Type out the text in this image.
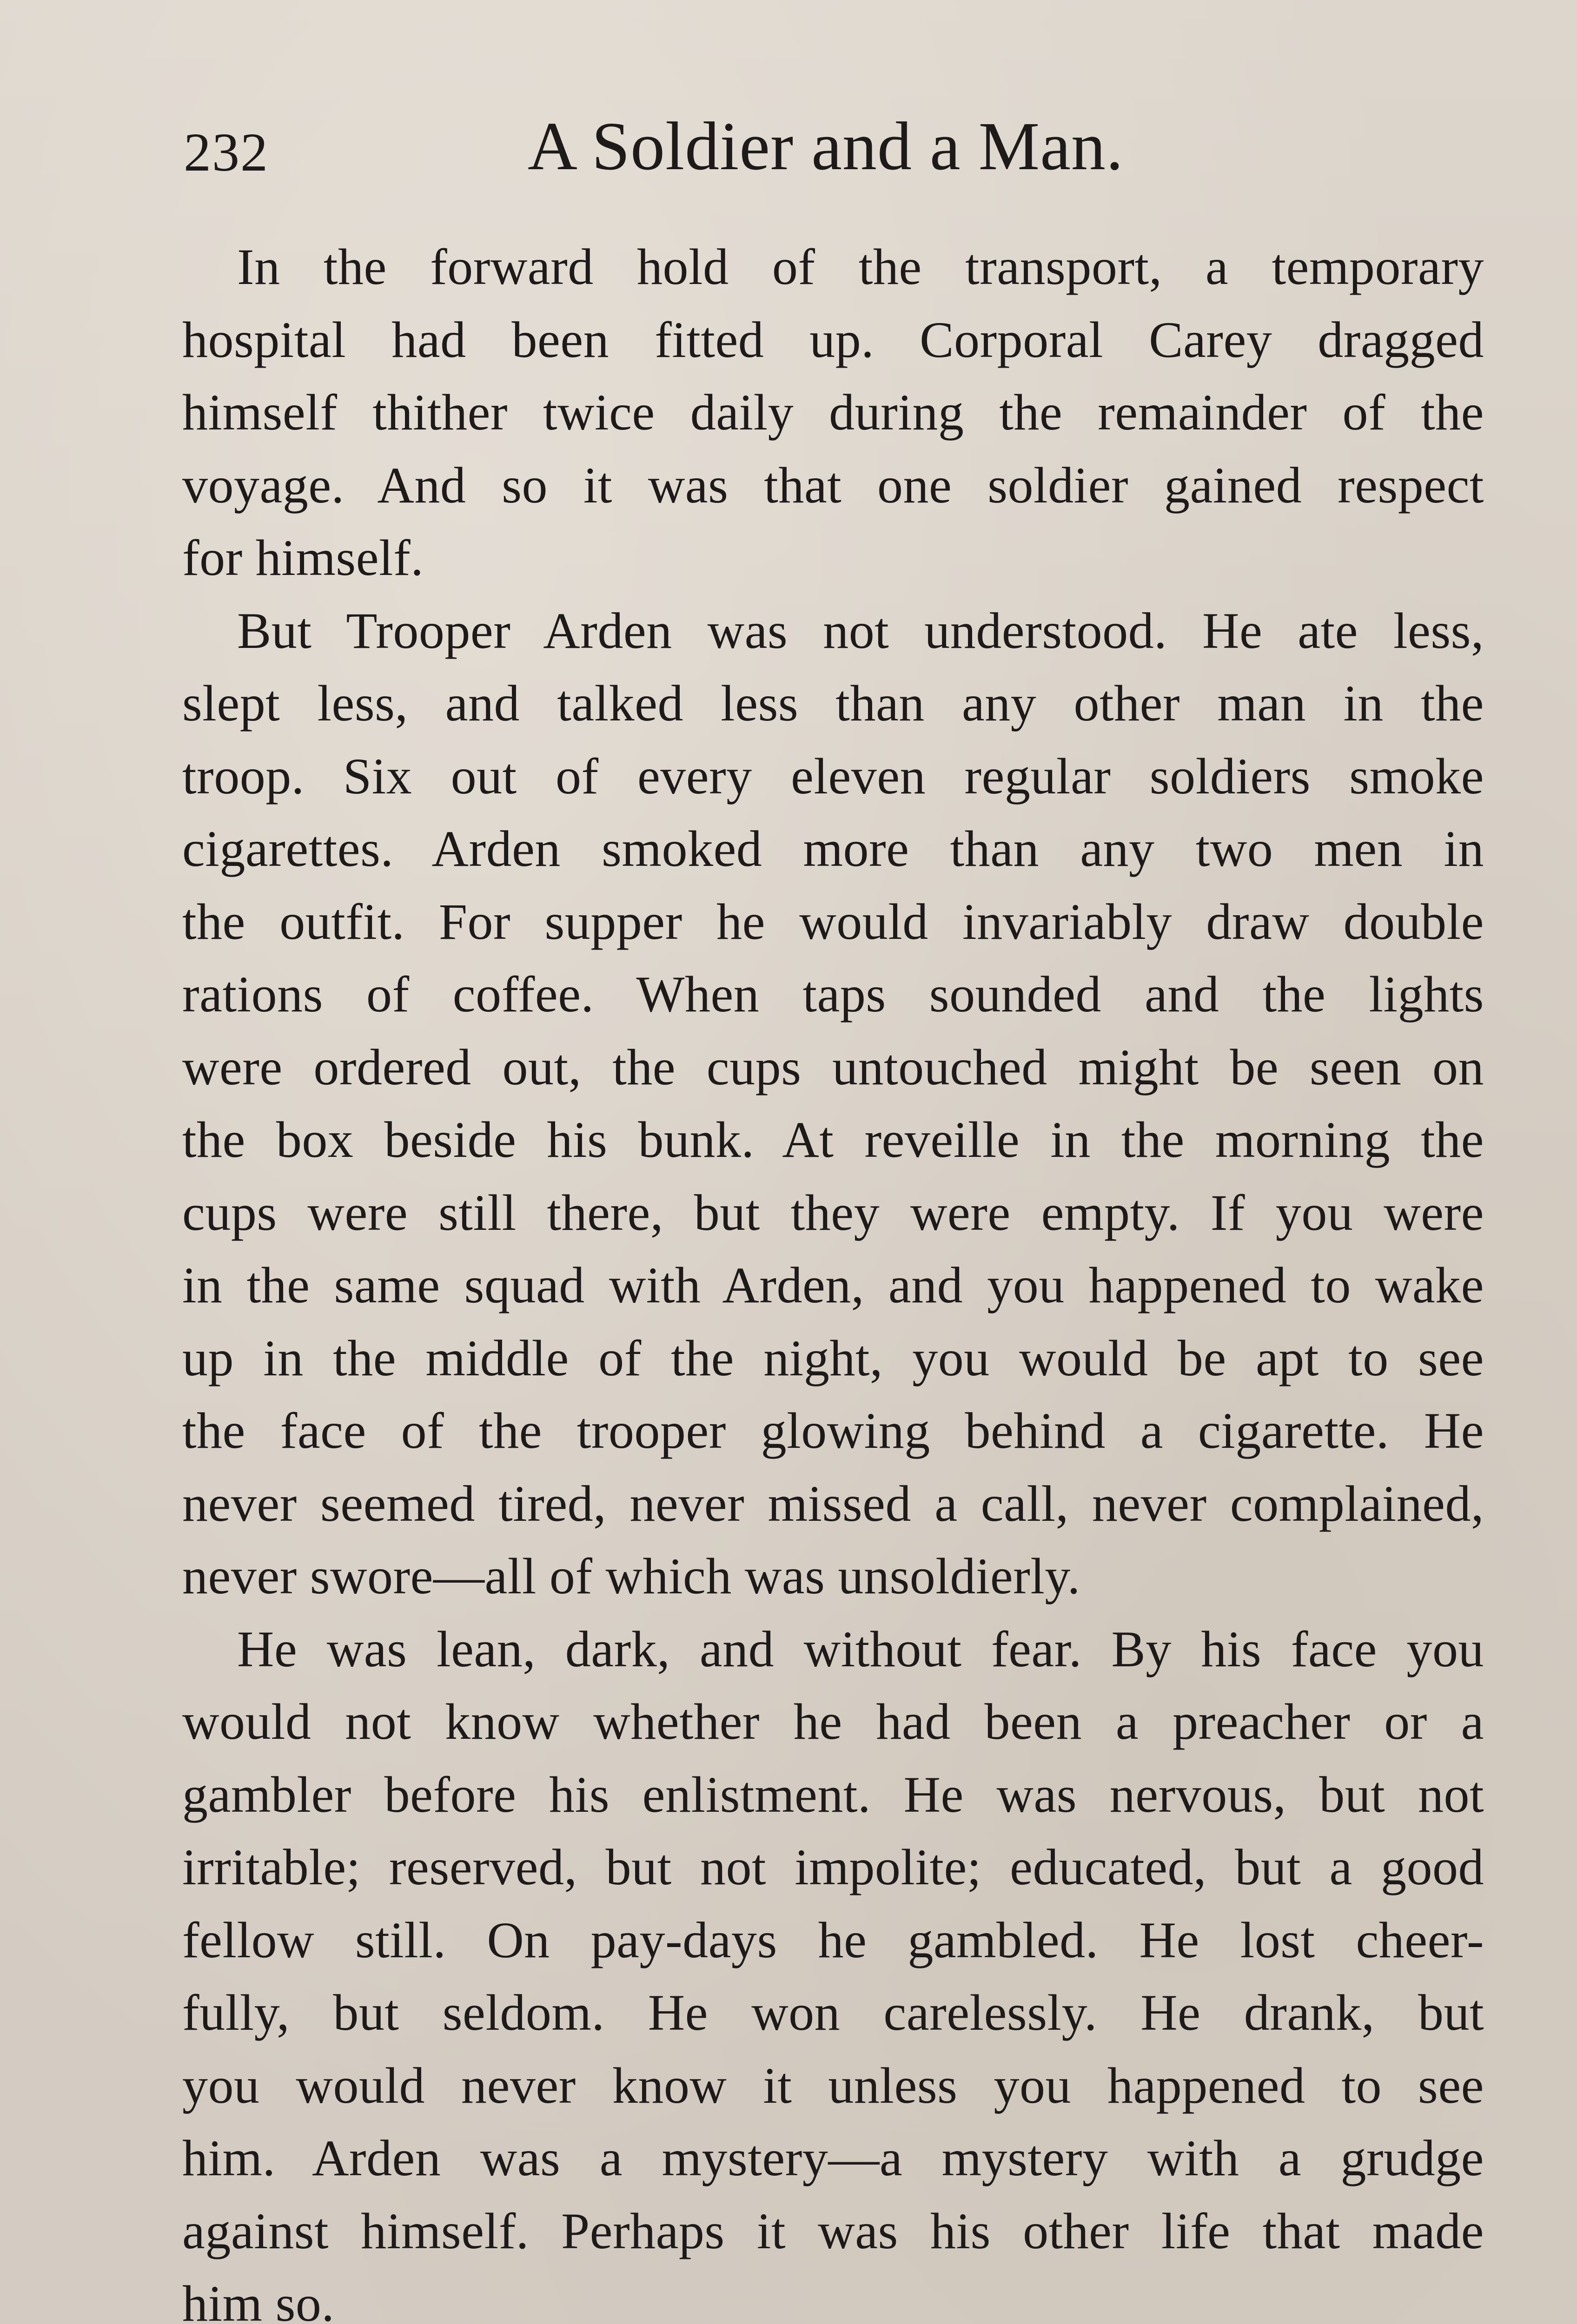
232	A Soldier and a Man.
In the forward hold of the transport, a temporary
hospital had been fitted up. Corporal Carey dragged
himself thither twice daily during the remainder of the
voyage. And so it was that one soldier gained respect
for himself.
But Trooper Arden was not understood. He ate less,
slept less, and talked less than any other man in the
troop. Six out of every eleven regular soldiers smoke
cigarettes. Arden smoked more than any two men in
the outfit. For supper he would invariably draw double
rations of coffee. When taps sounded and the lights
were ordered out, the cups untouched might be seen on
the box beside his bunk. At reveille in the morning the
cups were still there, but they were empty. If you were
in the same squad with Arden, and you happened to wake
up in the middle of the night, you would be apt to see
the face of the trooper glowing behind a cigarette. He
never seemed tired, never missed a call, never complained,
never swore—all of which was unsoldierly.
He was lean, dark, and without fear. By his face you
would not know whether he had been a preacher or a
gambler before his enlistment. He was nervous, but not
irritable; reserved, but not impolite; educated, but a good
fellow still. On pay-days he gambled. He lost cheer-
fully, but seldom. He won carelessly. He drank, but
you would never know it unless you happened to see
him. Arden was a mystery—a mystery with a grudge
against himself. Perhaps it was his other life that made
him so.
